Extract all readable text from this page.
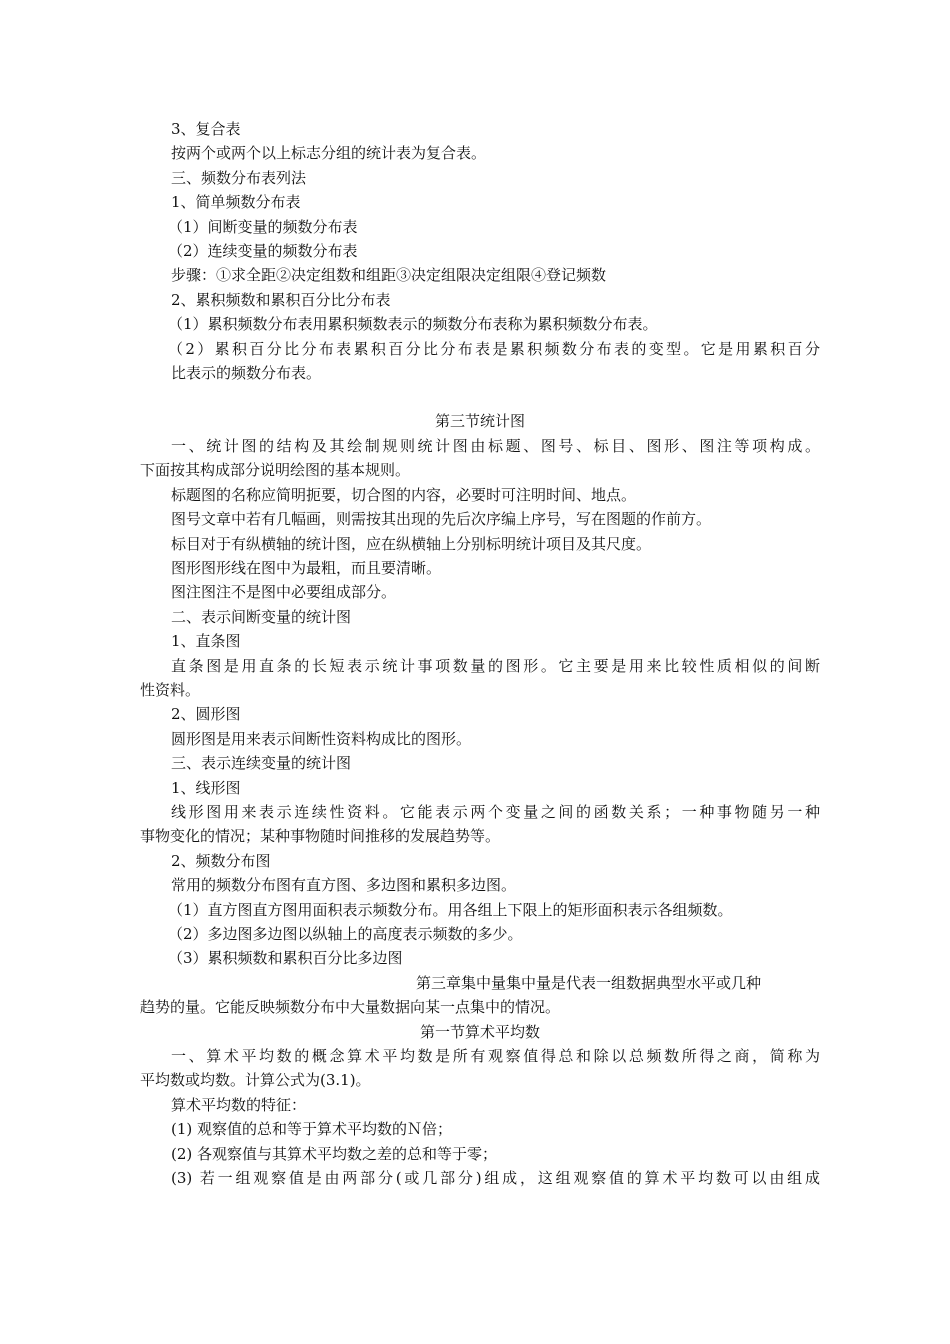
3、复合表
按两个或两个以上标志分组的统计表为复合表。
三、频数分布表列法
1、简单频数分布表
（1）间断变量的频数分布表
（2）连续变量的频数分布表
步骤：①求全距②决定组数和组距③决定组限决定组限④登记频数
2、累积频数和累积百分比分布表
（1）累积频数分布表用累积频数表示的频数分布表称为累积频数分布表。
（2）累积百分比分布表累积百分比分布表是累积频数分布表的变型。它是用累积百分
比表示的频数分布表。
第三节统计图
一、统计图的结构及其绘制规则统计图由标题、图号、标目、图形、图注等项构成。
下面按其构成部分说明绘图的基本规则。
标题图的名称应简明扼要，切合图的内容，必要时可注明时间、地点。
图号文章中若有几幅画，则需按其出现的先后次序编上序号，写在图题的作前方。
标目对于有纵横轴的统计图，应在纵横轴上分别标明统计项目及其尺度。
图形图形线在图中为最粗，而且要清晰。
图注图注不是图中必要组成部分。
二、表示间断变量的统计图
1、直条图
直条图是用直条的长短表示统计事项数量的图形。它主要是用来比较性质相似的间断
性资料。
2、圆形图
圆形图是用来表示间断性资料构成比的图形。
三、表示连续变量的统计图
1、线形图
线形图用来表示连续性资料。它能表示两个变量之间的函数关系；一种事物随另一种
事物变化的情况；某种事物随时间推移的发展趋势等。
2、频数分布图
常用的频数分布图有直方图、多边图和累积多边图。
（1）直方图直方图用面积表示频数分布。用各组上下限上的矩形面积表示各组频数。
（2）多边图多边图以纵轴上的高度表示频数的多少。
（3）累积频数和累积百分比多边图
第三章集中量集中量是代表一组数据典型水平或几种
趋势的量。它能反映频数分布中大量数据向某一点集中的情况。
第一节算术平均数
一、算术平均数的概念算术平均数是所有观察值得总和除以总频数所得之商，简称为
平均数或均数。计算公式为(3.1)。
算术平均数的特征：
(1) 观察值的总和等于算术平均数的Ｎ倍；
(2) 各观察值与其算术平均数之差的总和等于零；
(3) 若一组观察值是由两部分(或几部分)组成，这组观察值的算术平均数可以由组成
